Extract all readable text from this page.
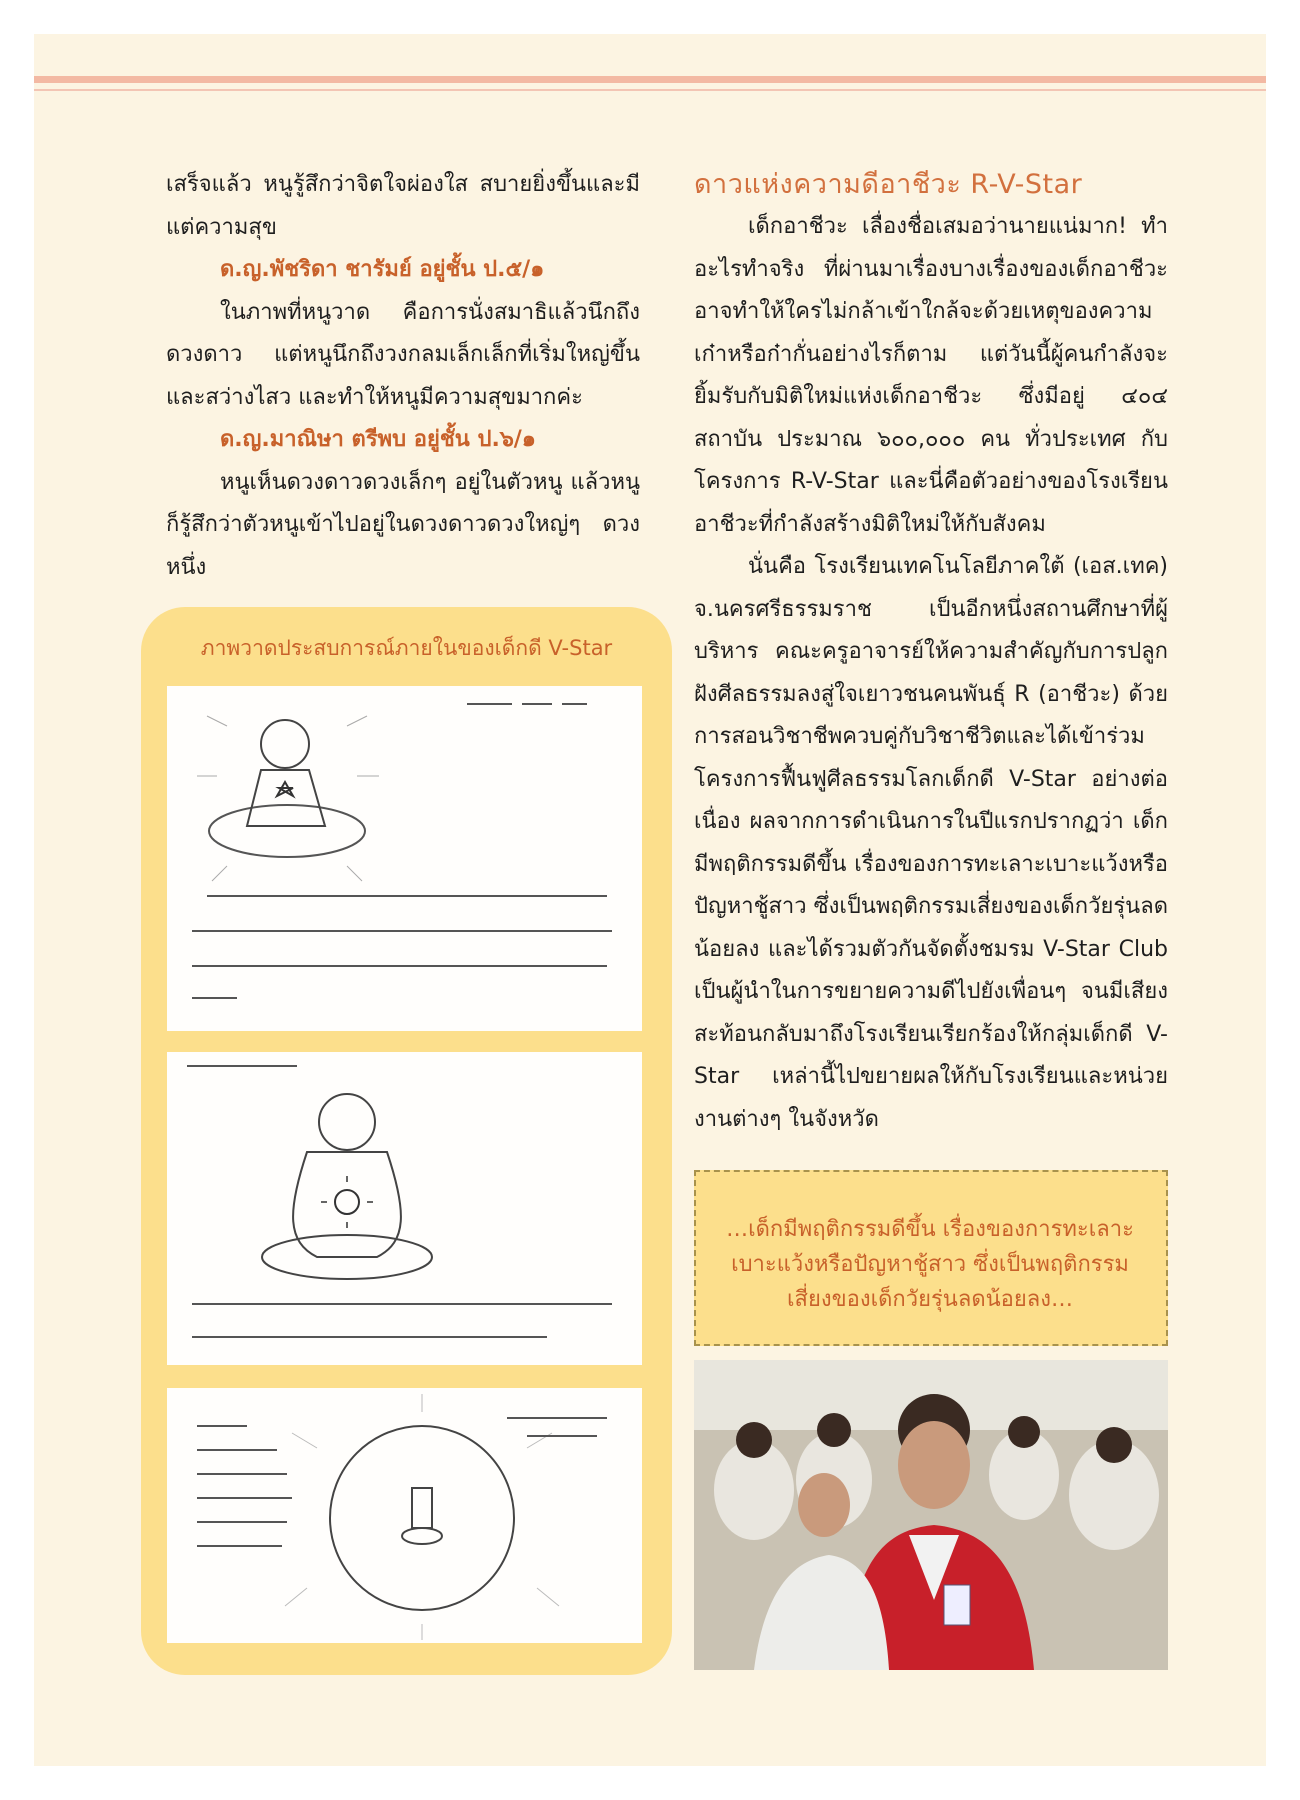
เสร็จแล้ว หนูรู้สึกว่าจิตใจผ่องใส สบายยิ่งขึ้นและมีแต่ความสุข

ด.ญ.พัชริดา ชารัมย์ อยู่ชั้น ป.๕/๑

ในภาพที่หนูวาด คือการนั่งสมาธิแล้วนึกถึงดวงดาว แต่หนูนึกถึงวงกลมเล็กเล็กที่เริ่มใหญ่ขึ้นและสว่างไสว และทำให้หนูมีความสุขมากค่ะ

ด.ญ.มาณิษา ตรีพบ อยู่ชั้น ป.๖/๑

หนูเห็นดวงดาวดวงเล็กๆ อยู่ในตัวหนู แล้วหนูก็รู้สึกว่าตัวหนูเข้าไปอยู่ในดวงดาวดวงใหญ่ๆ ดวงหนึ่ง

ภาพวาดประสบการณ์ภายในของเด็กดี V-Star

ดาวแห่งความดีอาชีวะ R-V-Star

เด็กอาชีวะ เลื่องชื่อเสมอว่านายแน่มาก! ทำอะไรทำจริง ที่ผ่านมาเรื่องบางเรื่องของเด็กอาชีวะอาจทำให้ใครไม่กล้าเข้าใกล้จะด้วยเหตุของความเก๋าหรือก๋ากั่นอย่างไรก็ตาม แต่วันนี้ผู้คนกำลังจะยิ้มรับกับมิติใหม่แห่งเด็กอาชีวะ ซึ่งมีอยู่ ๔๐๔ สถาบัน ประมาณ ๖๐๐,๐๐๐ คน ทั่วประเทศ กับโครงการ R-V-Star และนี่คือตัวอย่างของโรงเรียนอาชีวะที่กำลังสร้างมิติใหม่ให้กับสังคม

นั่นคือ โรงเรียนเทคโนโลยีภาคใต้ (เอส.เทค) จ.นครศรีธรรมราช เป็นอีกหนึ่งสถานศึกษาที่ผู้บริหาร คณะครูอาจารย์ให้ความสำคัญกับการปลูกฝังศีลธรรมลงสู่ใจเยาวชนคนพันธุ์ R (อาชีวะ) ด้วยการสอนวิชาชีพควบคู่กับวิชาชีวิตและได้เข้าร่วมโครงการฟื้นฟูศีลธรรมโลกเด็กดี V-Star อย่างต่อเนื่อง ผลจากการดำเนินการในปีแรกปรากฏว่า เด็กมีพฤติกรรมดีขึ้น เรื่องของการทะเลาะเบาะแว้งหรือปัญหาชู้สาว ซึ่งเป็นพฤติกรรมเสี่ยงของเด็กวัยรุ่นลดน้อยลง และได้รวมตัวกันจัดตั้งชมรม V-Star Club เป็นผู้นำในการขยายความดีไปยังเพื่อนๆ จนมีเสียงสะท้อนกลับมาถึงโรงเรียนเรียกร้องให้กลุ่มเด็กดี V-Star เหล่านี้ไปขยายผลให้กับโรงเรียนและหน่วยงานต่างๆ ในจังหวัด

…เด็กมีพฤติกรรมดีขึ้น เรื่องของการทะเลาะเบาะแว้งหรือปัญหาชู้สาว ซึ่งเป็นพฤติกรรมเสี่ยงของเด็กวัยรุ่นลดน้อยลง…
